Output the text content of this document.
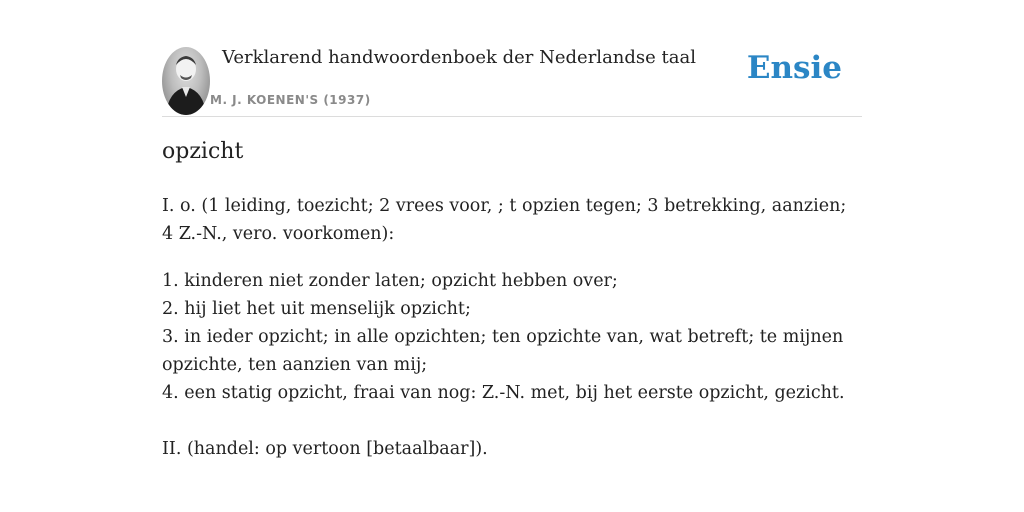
Verklarend handwoordenboek der Nederlandse taal
M. J. KOENEN'S (1937)
Ensie
opzicht

I. o. (1 leiding, toezicht; 2 vrees voor, ; t opzien tegen; 3 betrekking, aanzien; 4 Z.-N., vero. voorkomen):

1. kinderen niet zonder laten; opzicht hebben over;
2. hij liet het uit menselijk opzicht;
3. in ieder opzicht; in alle opzichten; ten opzichte van, wat betreft; te mijnen opzichte, ten aanzien van mij;
4. een statig opzicht, fraai van nog: Z.-N. met, bij het eerste opzicht, gezicht.

II. (handel: op vertoon [betaalbaar]).
